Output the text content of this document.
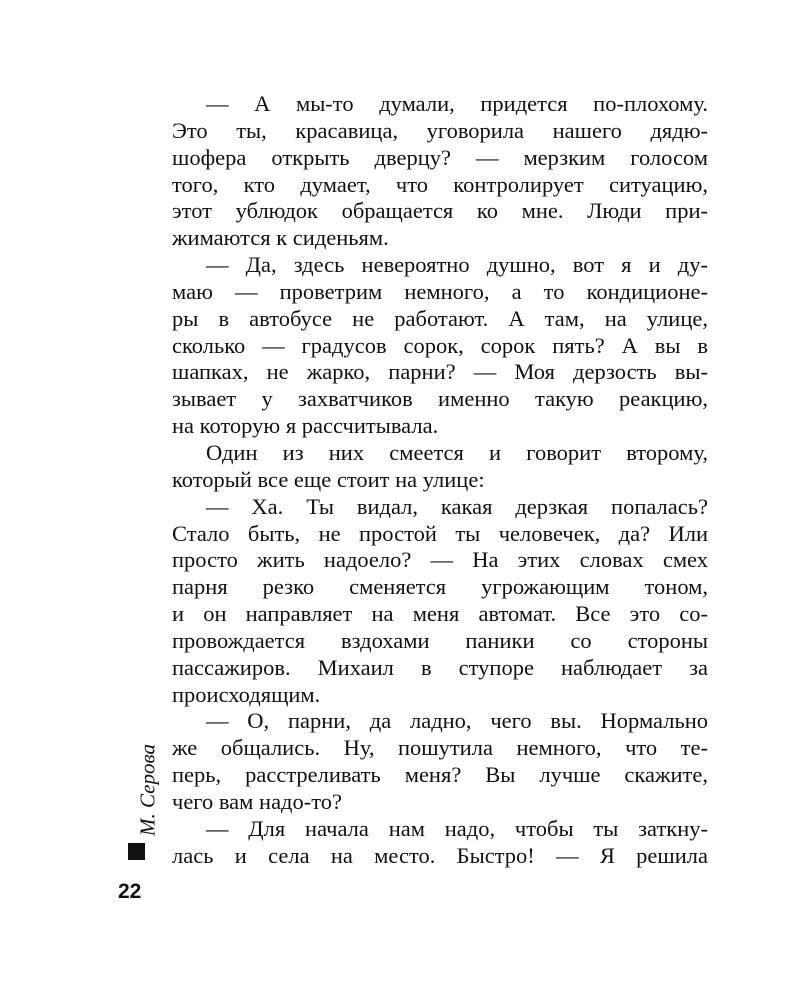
— А мы-то думали, придется по-плохому.
Это ты, красавица, уговорила нашего дядю-
шофера открыть дверцу? — мерзким голосом
того, кто думает, что контролирует ситуацию,
этот ублюдок обращается ко мне. Люди при-
жимаются к сиденьям.
— Да, здесь невероятно душно, вот я и ду-
маю — проветрим немного, а то кондиционе-
ры в автобусе не работают. А там, на улице,
сколько — градусов сорок, сорок пять? А вы в
шапках, не жарко, парни? — Моя дерзость вы-
зывает у захватчиков именно такую реакцию,
на которую я рассчитывала.
Один из них смеется и говорит второму,
который все еще стоит на улице:
— Ха. Ты видал, какая дерзкая попалась?
Стало быть, не простой ты человечек, да? Или
просто жить надоело? — На этих словах смех
парня резко сменяется угрожающим тоном,
и он направляет на меня автомат. Все это со-
провождается вздохами паники со стороны
пассажиров. Михаил в ступоре наблюдает за
происходящим.
— О, парни, да ладно, чего вы. Нормально
же общались. Ну, пошутила немного, что те-
перь, расстреливать меня? Вы лучше скажите,
чего вам надо-то?
— Для начала нам надо, чтобы ты заткну-
лась и села на место. Быстро! — Я решила
М. Серова
22
